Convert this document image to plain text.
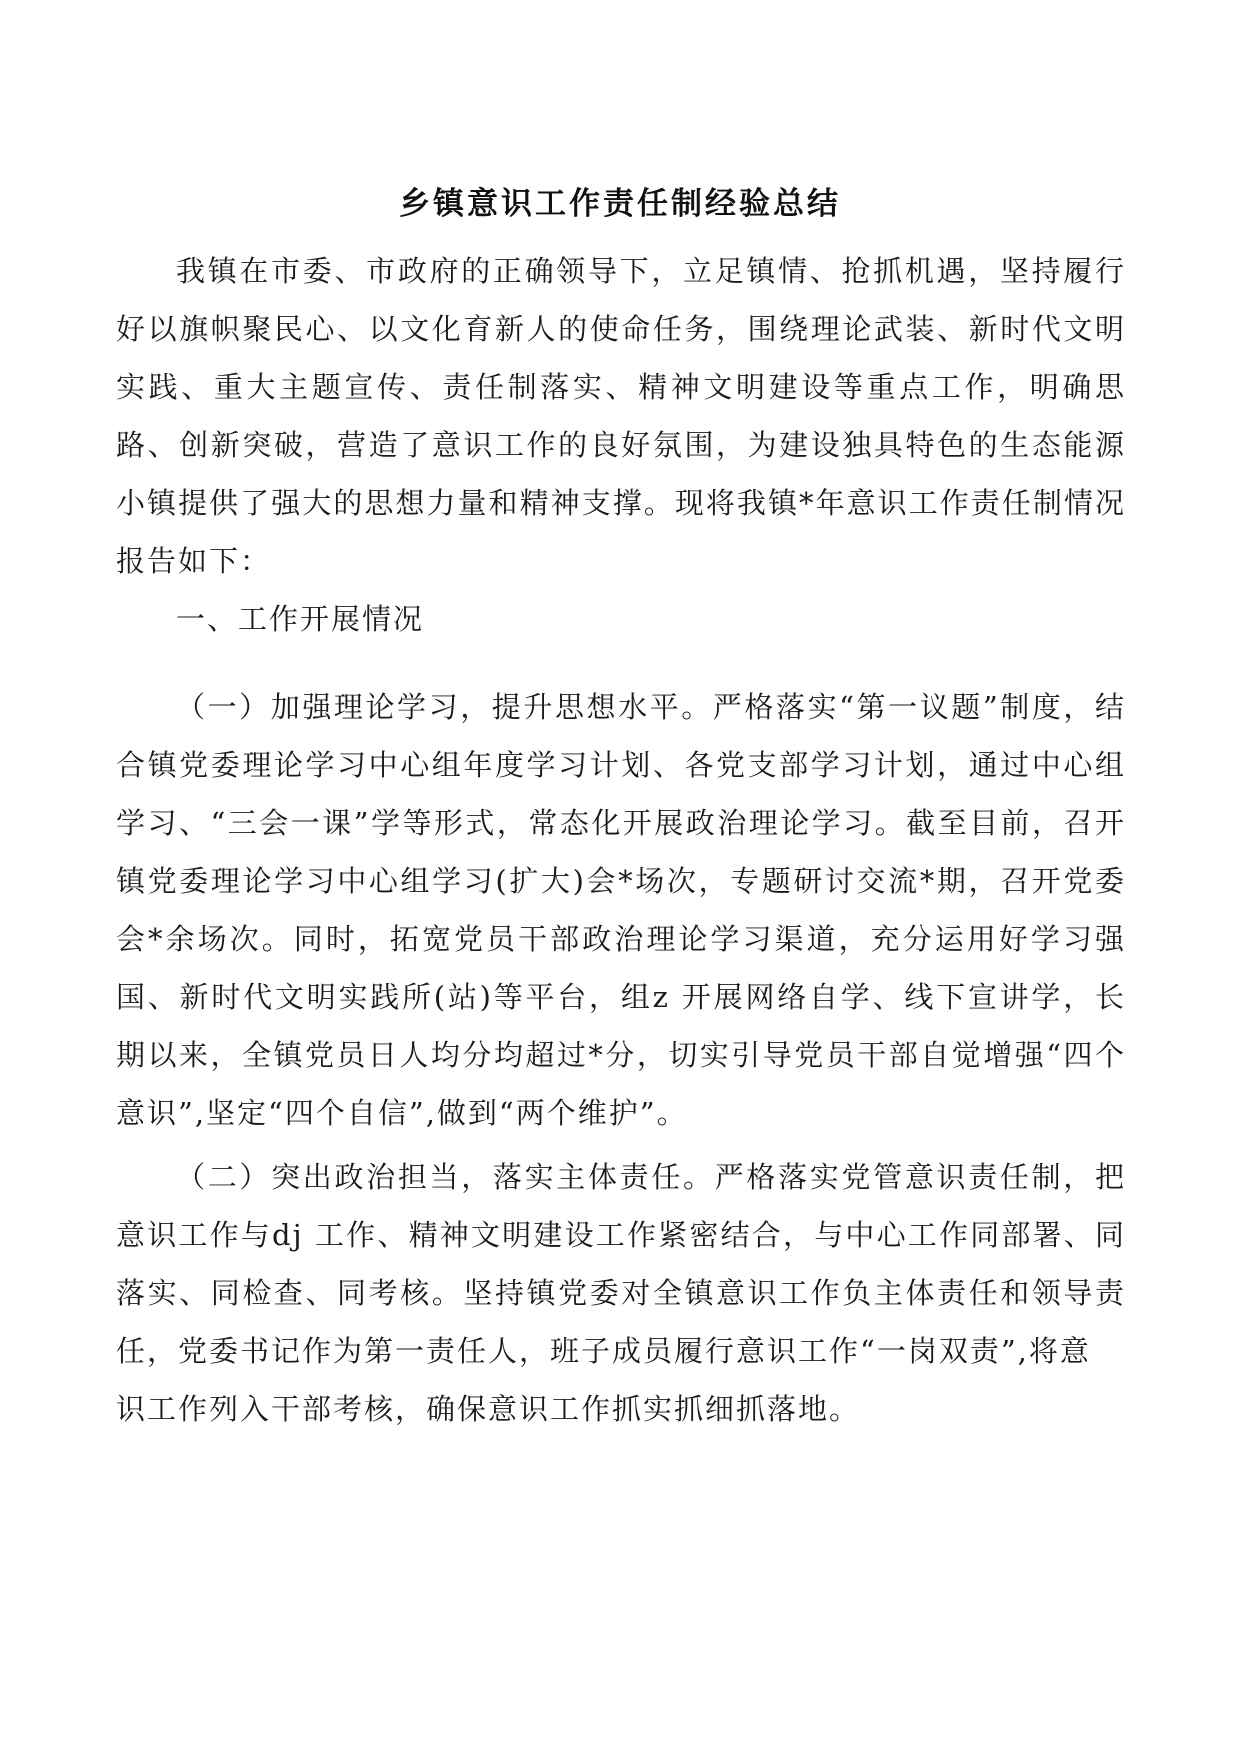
乡镇意识工作责任制经验总结

我镇在市委、市政府的正确领导下，立足镇情、抢抓机遇，坚持履行好以旗帜聚民心、以文化育新人的使命任务，围绕理论武装、新时代文明实践、重大主题宣传、责任制落实、精神文明建设等重点工作，明确思路、创新突破，营造了意识工作的良好氛围，为建设独具特色的生态能源小镇提供了强大的思想力量和精神支撑。现将我镇*年意识工作责任制情况报告如下：

一、工作开展情况

（一）加强理论学习，提升思想水平。严格落实“第一议题”制度，结合镇党委理论学习中心组年度学习计划、各党支部学习计划，通过中心组学习、“三会一课”学等形式，常态化开展政治理论学习。截至目前，召开镇党委理论学习中心组学习(扩大)会*场次，专题研讨交流*期，召开党委会*余场次。同时，拓宽党员干部政治理论学习渠道，充分运用好学习强国、新时代文明实践所(站)等平台，组z 开展网络自学、线下宣讲学，长期以来，全镇党员日人均分均超过*分，切实引导党员干部自觉增强“四个意识”,坚定“四个自信”,做到“两个维护”。

（二）突出政治担当，落实主体责任。严格落实党管意识责任制，把意识工作与dj 工作、精神文明建设工作紧密结合，与中心工作同部署、同 落实、同检查、同考核。坚持镇党委对全镇意识工作负主体责任和领导责 任，党委书记作为第一责任人，班子成员履行意识工作“一岗双责”,将意

识工作列入干部考核，确保意识工作抓实抓细抓落地。
